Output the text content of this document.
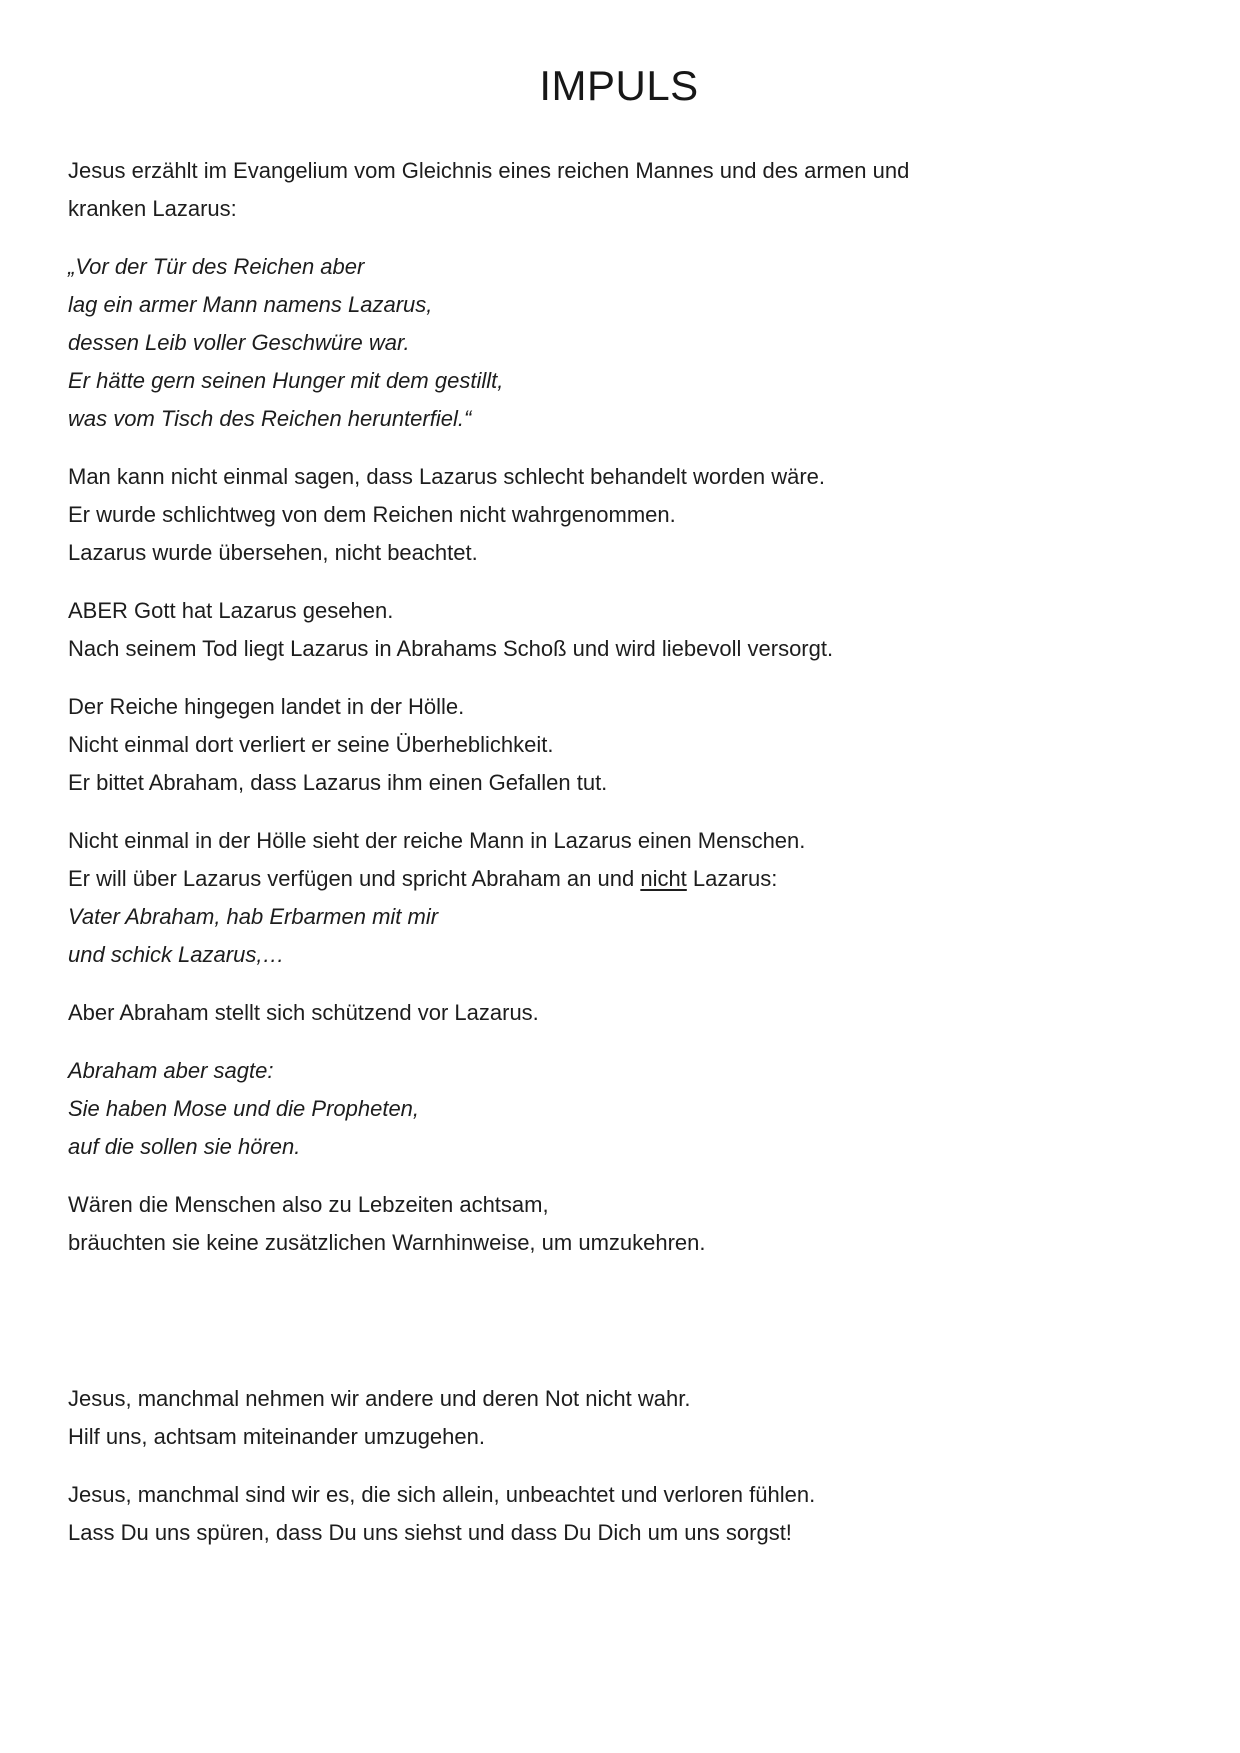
IMPULS

Jesus erzählt im Evangelium vom Gleichnis eines reichen Mannes und des armen und
kranken Lazarus:

„Vor der Tür des Reichen aber
lag ein armer Mann namens Lazarus,
dessen Leib voller Geschwüre war.
Er hätte gern seinen Hunger mit dem gestillt,
was vom Tisch des Reichen herunterfiel.“

Man kann nicht einmal sagen, dass Lazarus schlecht behandelt worden wäre.
Er wurde schlichtweg von dem Reichen nicht wahrgenommen.
Lazarus wurde übersehen, nicht beachtet.

ABER Gott hat Lazarus gesehen.
Nach seinem Tod liegt Lazarus in Abrahams Schoß und wird liebevoll versorgt.

Der Reiche hingegen landet in der Hölle.
Nicht einmal dort verliert er seine Überheblichkeit.
Er bittet Abraham, dass Lazarus ihm einen Gefallen tut.

Nicht einmal in der Hölle sieht der reiche Mann in Lazarus einen Menschen.
Er will über Lazarus verfügen und spricht Abraham an und nicht Lazarus:
Vater Abraham, hab Erbarmen mit mir
und schick Lazarus,…

Aber Abraham stellt sich schützend vor Lazarus.

Abraham aber sagte:
Sie haben Mose und die Propheten,
auf die sollen sie hören.

Wären die Menschen also zu Lebzeiten achtsam,
bräuchten sie keine zusätzlichen Warnhinweise, um umzukehren.

Jesus, manchmal nehmen wir andere und deren Not nicht wahr.
Hilf uns, achtsam miteinander umzugehen.

Jesus, manchmal sind wir es, die sich allein, unbeachtet und verloren fühlen.
Lass Du uns spüren, dass Du uns siehst und dass Du Dich um uns sorgst!
